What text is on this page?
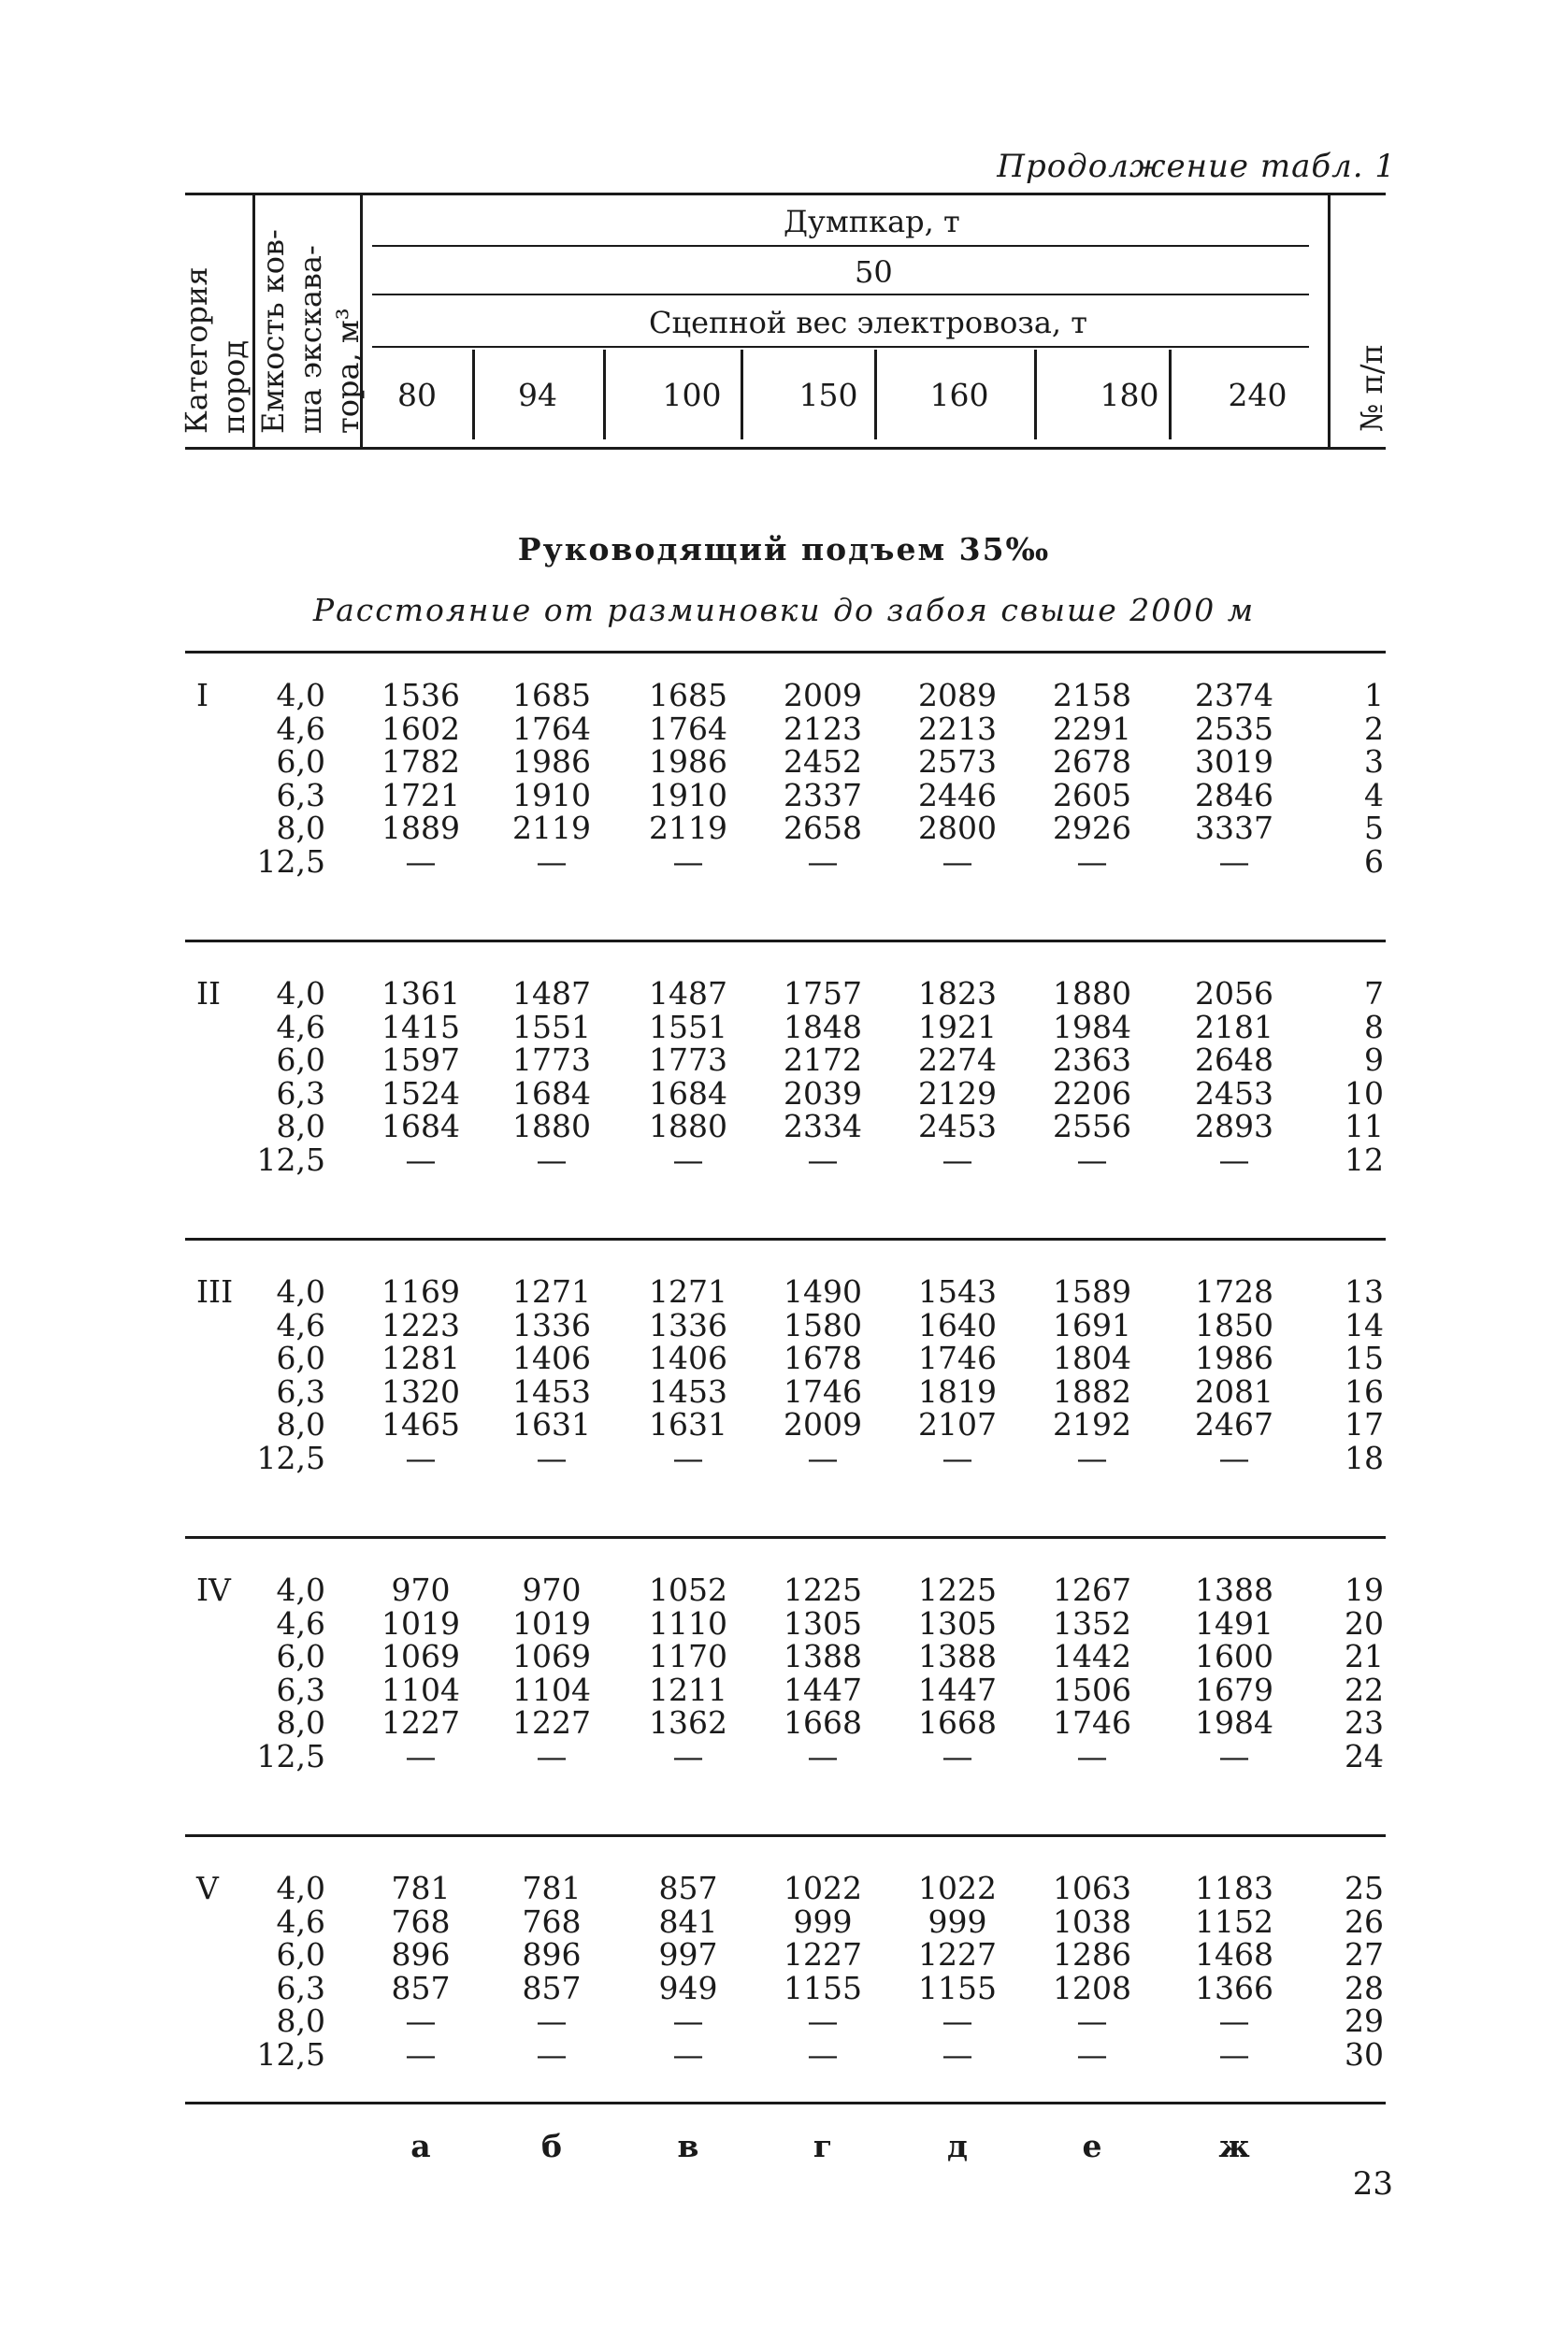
Продолжение табл. 1
Категория пород Емкость ков- ша экскава- тора, м³
Думпкар, т
50
Сцепной вес электровоза, т
80	94	100	150	160	180	240	№ п/п
Руководящий подъем 35‰
Расстояние от разминовки до забоя свыше 2000 м
I	4,0	1536	1685	1685	2009	2089	2158	2374	1
4,6	1602	1764	1764	2123	2213	2291	2535	2
6,0	1782	1986	1986	2452	2573	2678	3019	3
6,3	1721	1910	1910	2337	2446	2605	2846	4
8,0	1889	2119	2119	2658	2800	2926	3337	5
12,5	—	—	—	—	—	—	—	6
II	4,0	1361	1487	1487	1757	1823	1880	2056	7
4,6	1415	1551	1551	1848	1921	1984	2181	8
6,0	1597	1773	1773	2172	2274	2363	2648	9
6,3	1524	1684	1684	2039	2129	2206	2453	10
8,0	1684	1880	1880	2334	2453	2556	2893	11
12,5	—	—	—	—	—	—	—	12
III	4,0	1169	1271	1271	1490	1543	1589	1728	13
4,6	1223	1336	1336	1580	1640	1691	1850	14
6,0	1281	1406	1406	1678	1746	1804	1986	15
6,3	1320	1453	1453	1746	1819	1882	2081	16
8,0	1465	1631	1631	2009	2107	2192	2467	17
12,5	—	—	—	—	—	—	—	18
IV	4,0	970	970	1052	1225	1225	1267	1388	19
4,6	1019	1019	1110	1305	1305	1352	1491	20
6,0	1069	1069	1170	1388	1388	1442	1600	21
6,3	1104	1104	1211	1447	1447	1506	1679	22
8,0	1227	1227	1362	1668	1668	1746	1984	23
12,5	—	—	—	—	—	—	—	24
V	4,0	781	781	857	1022	1022	1063	1183	25
4,6	768	768	841	999	999	1038	1152	26
6,0	896	896	997	1227	1227	1286	1468	27
6,3	857	857	949	1155	1155	1208	1366	28
8,0	—	—	—	—	—	—	—	29
12,5	—	—	—	—	—	—	—	30
а	б	в	г	д	е	ж
23
